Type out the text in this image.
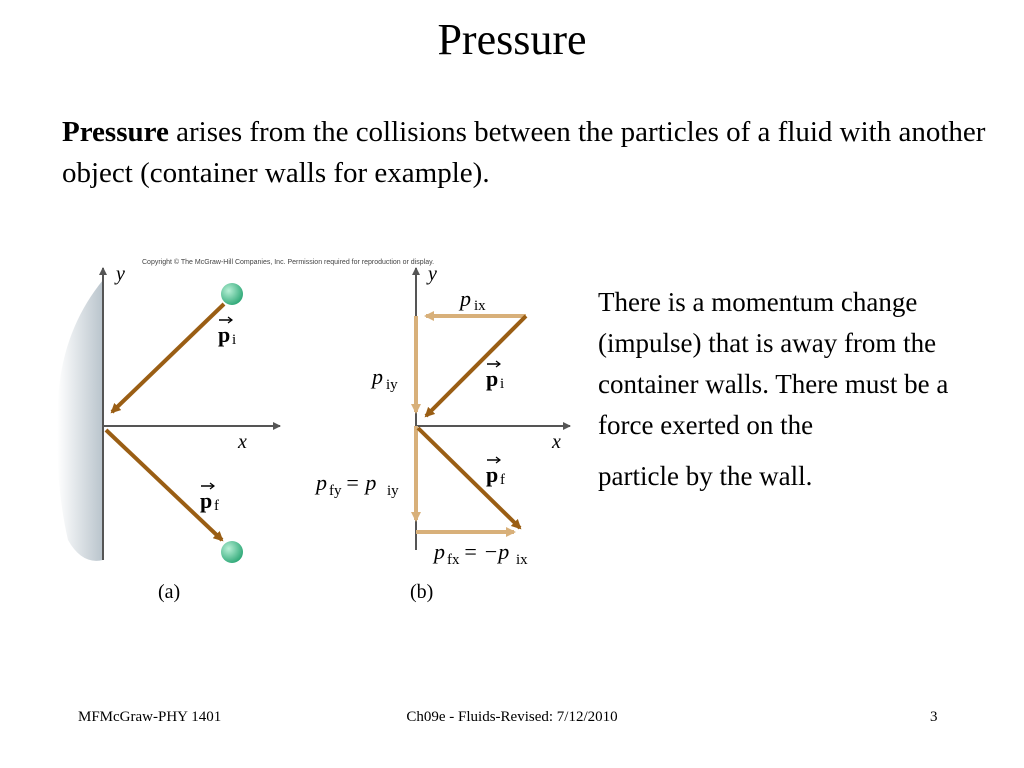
Pressure
Pressure arises from the collisions between the particles of a fluid with another object (container walls for example).
Copyright © The McGraw-Hill Companies, Inc. Permission required for reproduction or display.
y
x
p i
p f
(a)
y
x
p ix
p iy	p i
p f
p fy = p iy
p fx = −p ix
(b)
There is a momentum change (impulse) that is away from the container walls. There must be a force exerted on the
particle by the wall.
MFMcGraw-PHY 1401	Ch09e - Fluids-Revised: 7/12/2010	3
